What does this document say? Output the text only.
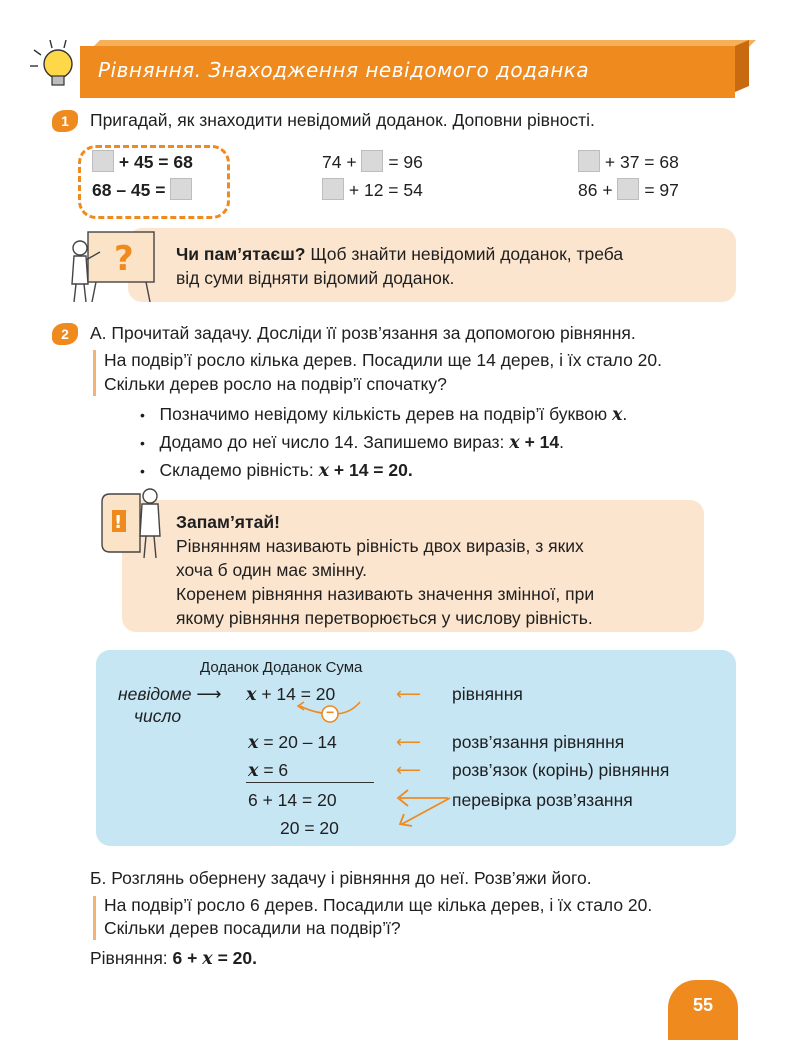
Рівняння. Знаходження невідомого доданка
1	Пригадай, як знаходити невідомий доданок. Доповни рівності.
+ 45 = 68
68 – 45 =
74 + = 96
+ 12 = 54
+ 37 = 68
86 + = 97
? Чи пам’ятаєш? Щоб знайти невідомий доданок, треба
від суми відняти відомий доданок.
2	А. Прочитай задачу. Досліди її розв’язання за допомогою рівняння.
На подвір’ї росло кілька дерев. Посадили ще 14 дерев, і їх стало 20.
Скільки дерев росло на подвір’ї спочатку?
• Позначимо невідому кількість дерев на подвір’ї буквою x.
• Додамо до неї число 14. Запишемо вираз: x + 14.
• Складемо рівність: x + 14 = 20.
!	Запам’ятай!
Рівнянням називають рівність двох виразів, з яких
хоча б один має змінну.
Коренем рівняння називають значення змінної, при
якому рівняння перетворюється у числову рівність.
Доданок Доданок Сума
невідоме ⟶
число
x + 14 = 20
−
⟵ рівняння
x = 20 – 14	⟵ розв’язання рівняння
x = 6	⟵ розв’язок (корінь) рівняння
6 + 14 = 20
20 = 20
перевірка розв’язання
Б. Розглянь обернену задачу і рівняння до неї. Розв’яжи його.
На подвір’ї росло 6 дерев. Посадили ще кілька дерев, і їх стало 20.
Скільки дерев посадили на подвір’ї?
Рівняння: 6 + x = 20.
55
